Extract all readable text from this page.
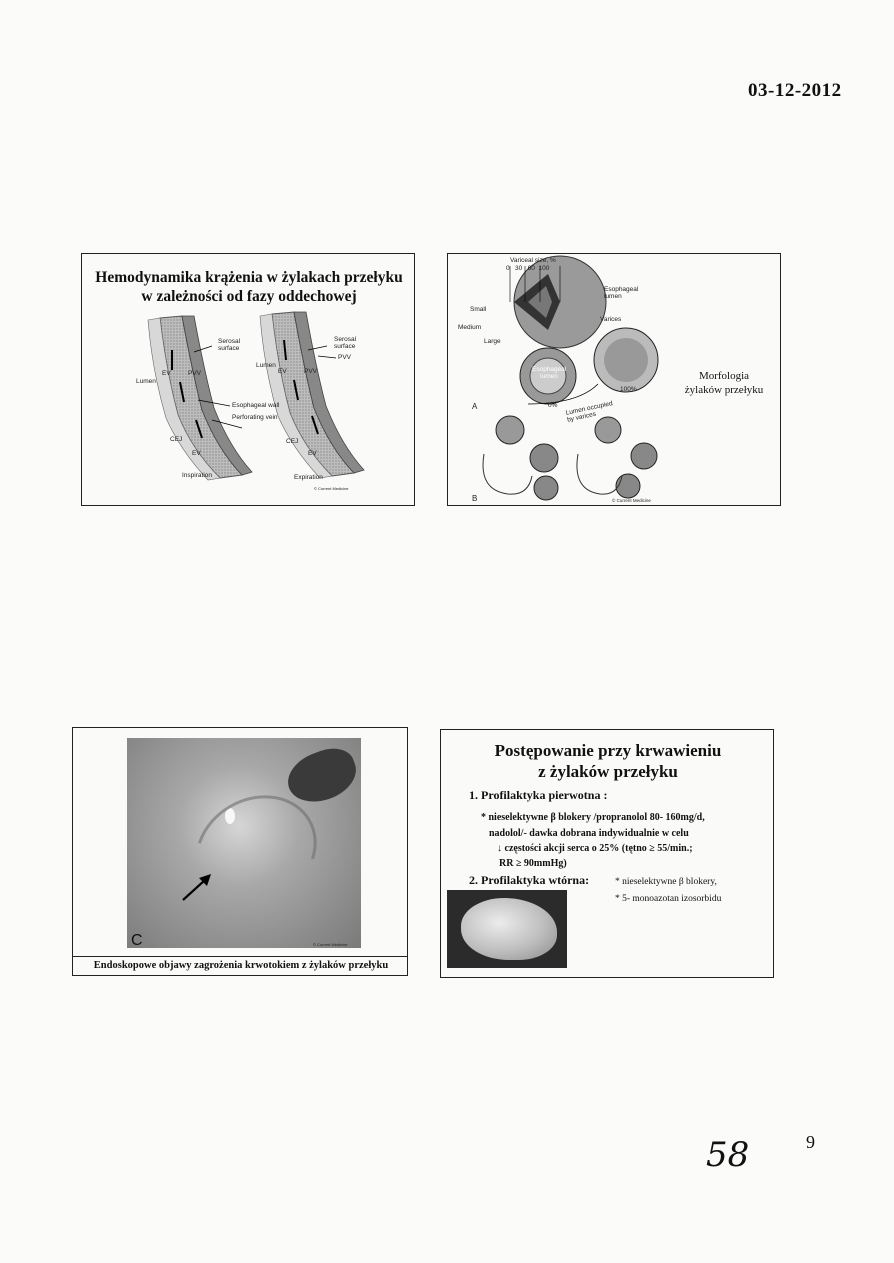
03-12-2012
Hemodynamika krążenia w żylakach przełyku
w zależności od fazy oddechowej
Serosal surface
Serosal surface
Lumen
Lumen
EV	EV
PVV	PVV
PVV
Esophageal wall
Perforating vein
CEJ	CEJ
EV	EV
Inspiration	Expiration
© Current Medicine
Variceal size, %
0   30   60  100
Small
Medium
Large
Esophageal lumen
Varices
Esophageal lumen
100%
0% Lumen occupied by varices
A
B	© Current Medicine
Morfologia
żylaków przełyku
C	© Current Medicine
Endoskopowe objawy zagrożenia krwotokiem z żylaków przełyku
Postępowanie przy krwawieniu
z żylaków przełyku
1. Profilaktyka pierwotna :
* nieselektywne β blokery /propranolol 80- 160mg/d,
nadolol/- dawka dobrana indywidualnie w celu
↓ częstości akcji serca o 25% (tętno ≥ 55/min.;
RR ≥ 90mmHg)
2. Profilaktyka wtórna:	* nieselektywne β blokery,
* 5- monoazotan izosorbidu
58	9
